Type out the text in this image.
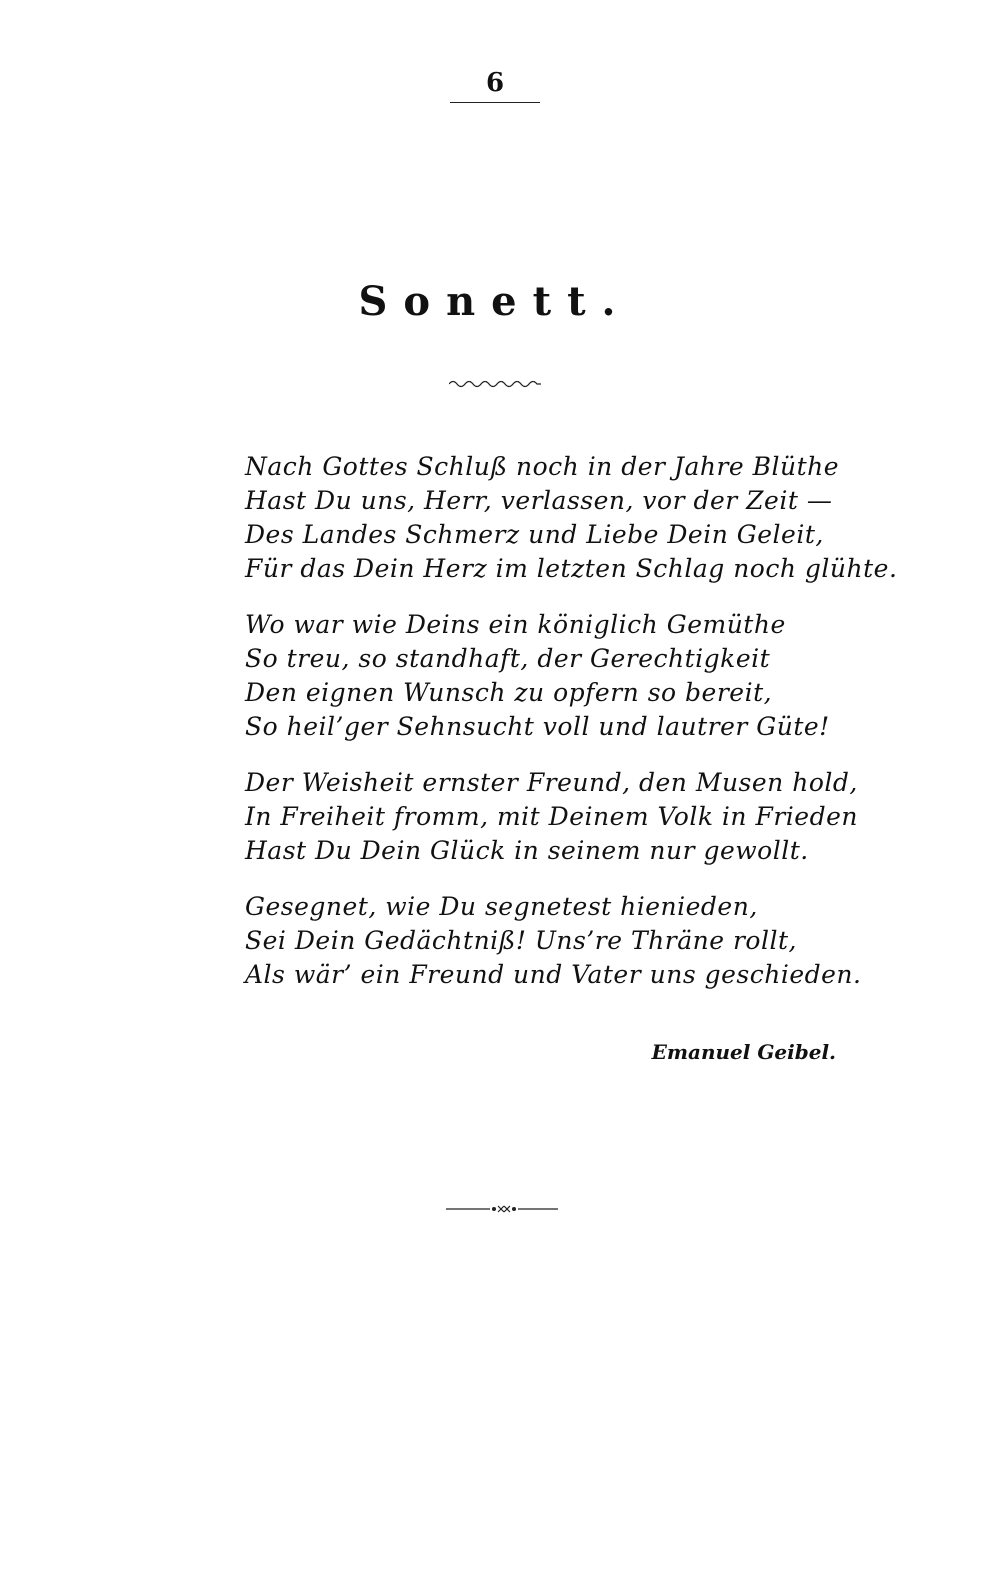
6
Sonett.
Nach Gottes Schluß noch in der Jahre Blüthe
Hast Du uns, Herr, verlassen, vor der Zeit —
Des Landes Schmerz und Liebe Dein Geleit,
Für das Dein Herz im letzten Schlag noch glühte.
Wo war wie Deins ein königlich Gemüthe
So treu, so standhaft, der Gerechtigkeit
Den eignen Wunsch zu opfern so bereit,
So heil’ger Sehnsucht voll und lautrer Güte!
Der Weisheit ernster Freund, den Musen hold,
In Freiheit fromm, mit Deinem Volk in Frieden
Hast Du Dein Glück in seinem nur gewollt.
Gesegnet, wie Du segnetest hienieden,
Sei Dein Gedächtniß! Uns’re Thräne rollt,
Als wär’ ein Freund und Vater uns geschieden.
Emanuel Geibel.
